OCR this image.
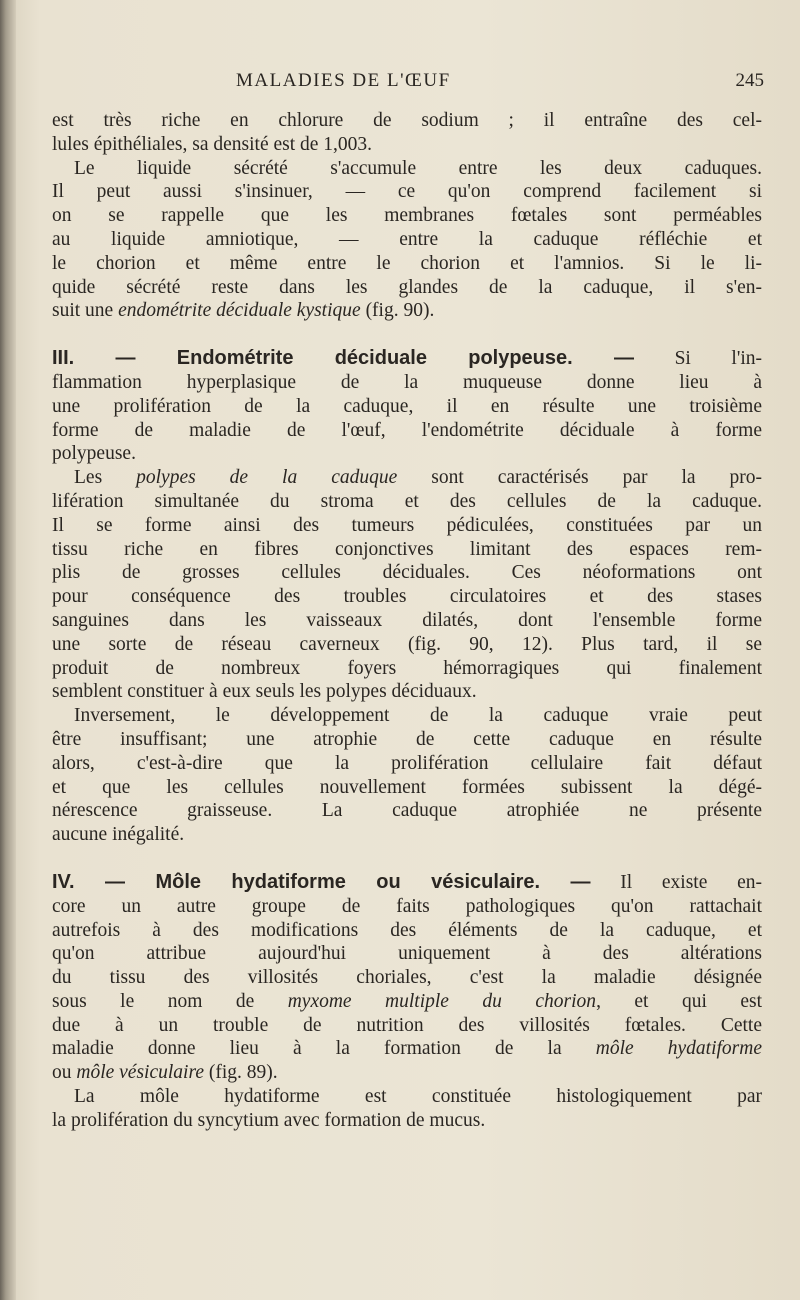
MALADIES DE L'ŒUF	245
est très riche en chlorure de sodium ; il entraîne des cel-
lules épithéliales, sa densité est de 1,003.
Le liquide sécrété s'accumule entre les deux caduques.
Il peut aussi s'insinuer, — ce qu'on comprend facilement si
on se rappelle que les membranes fœtales sont perméables
au liquide amniotique, — entre la caduque réfléchie et
le chorion et même entre le chorion et l'amnios. Si le li-
quide sécrété reste dans les glandes de la caduque, il s'en-
suit une endométrite déciduale kystique (fig. 90).
III. — Endométrite déciduale polypeuse. — Si l'in-
flammation hyperplasique de la muqueuse donne lieu à
une prolifération de la caduque, il en résulte une troisième
forme de maladie de l'œuf, l'endométrite déciduale à forme
polypeuse.
Les polypes de la caduque sont caractérisés par la pro-
lifération simultanée du stroma et des cellules de la caduque.
Il se forme ainsi des tumeurs pédiculées, constituées par un
tissu riche en fibres conjonctives limitant des espaces rem-
plis de grosses cellules déciduales. Ces néoformations ont
pour conséquence des troubles circulatoires et des stases
sanguines dans les vaisseaux dilatés, dont l'ensemble forme
une sorte de réseau caverneux (fig. 90, 12). Plus tard, il se
produit de nombreux foyers hémorragiques qui finalement
semblent constituer à eux seuls les polypes déciduaux.
Inversement, le développement de la caduque vraie peut
être insuffisant; une atrophie de cette caduque en résulte
alors, c'est-à-dire que la prolifération cellulaire fait défaut
et que les cellules nouvellement formées subissent la dégé-
nérescence graisseuse. La caduque atrophiée ne présente
aucune inégalité.
IV. — Môle hydatiforme ou vésiculaire. — Il existe en-
core un autre groupe de faits pathologiques qu'on rattachait
autrefois à des modifications des éléments de la caduque, et
qu'on attribue aujourd'hui uniquement à des altérations
du tissu des villosités choriales, c'est la maladie désignée
sous le nom de myxome multiple du chorion, et qui est
due à un trouble de nutrition des villosités fœtales. Cette
maladie donne lieu à la formation de la môle hydatiforme
ou môle vésiculaire (fig. 89).
La môle hydatiforme est constituée histologiquement par
la prolifération du syncytium avec formation de mucus.
